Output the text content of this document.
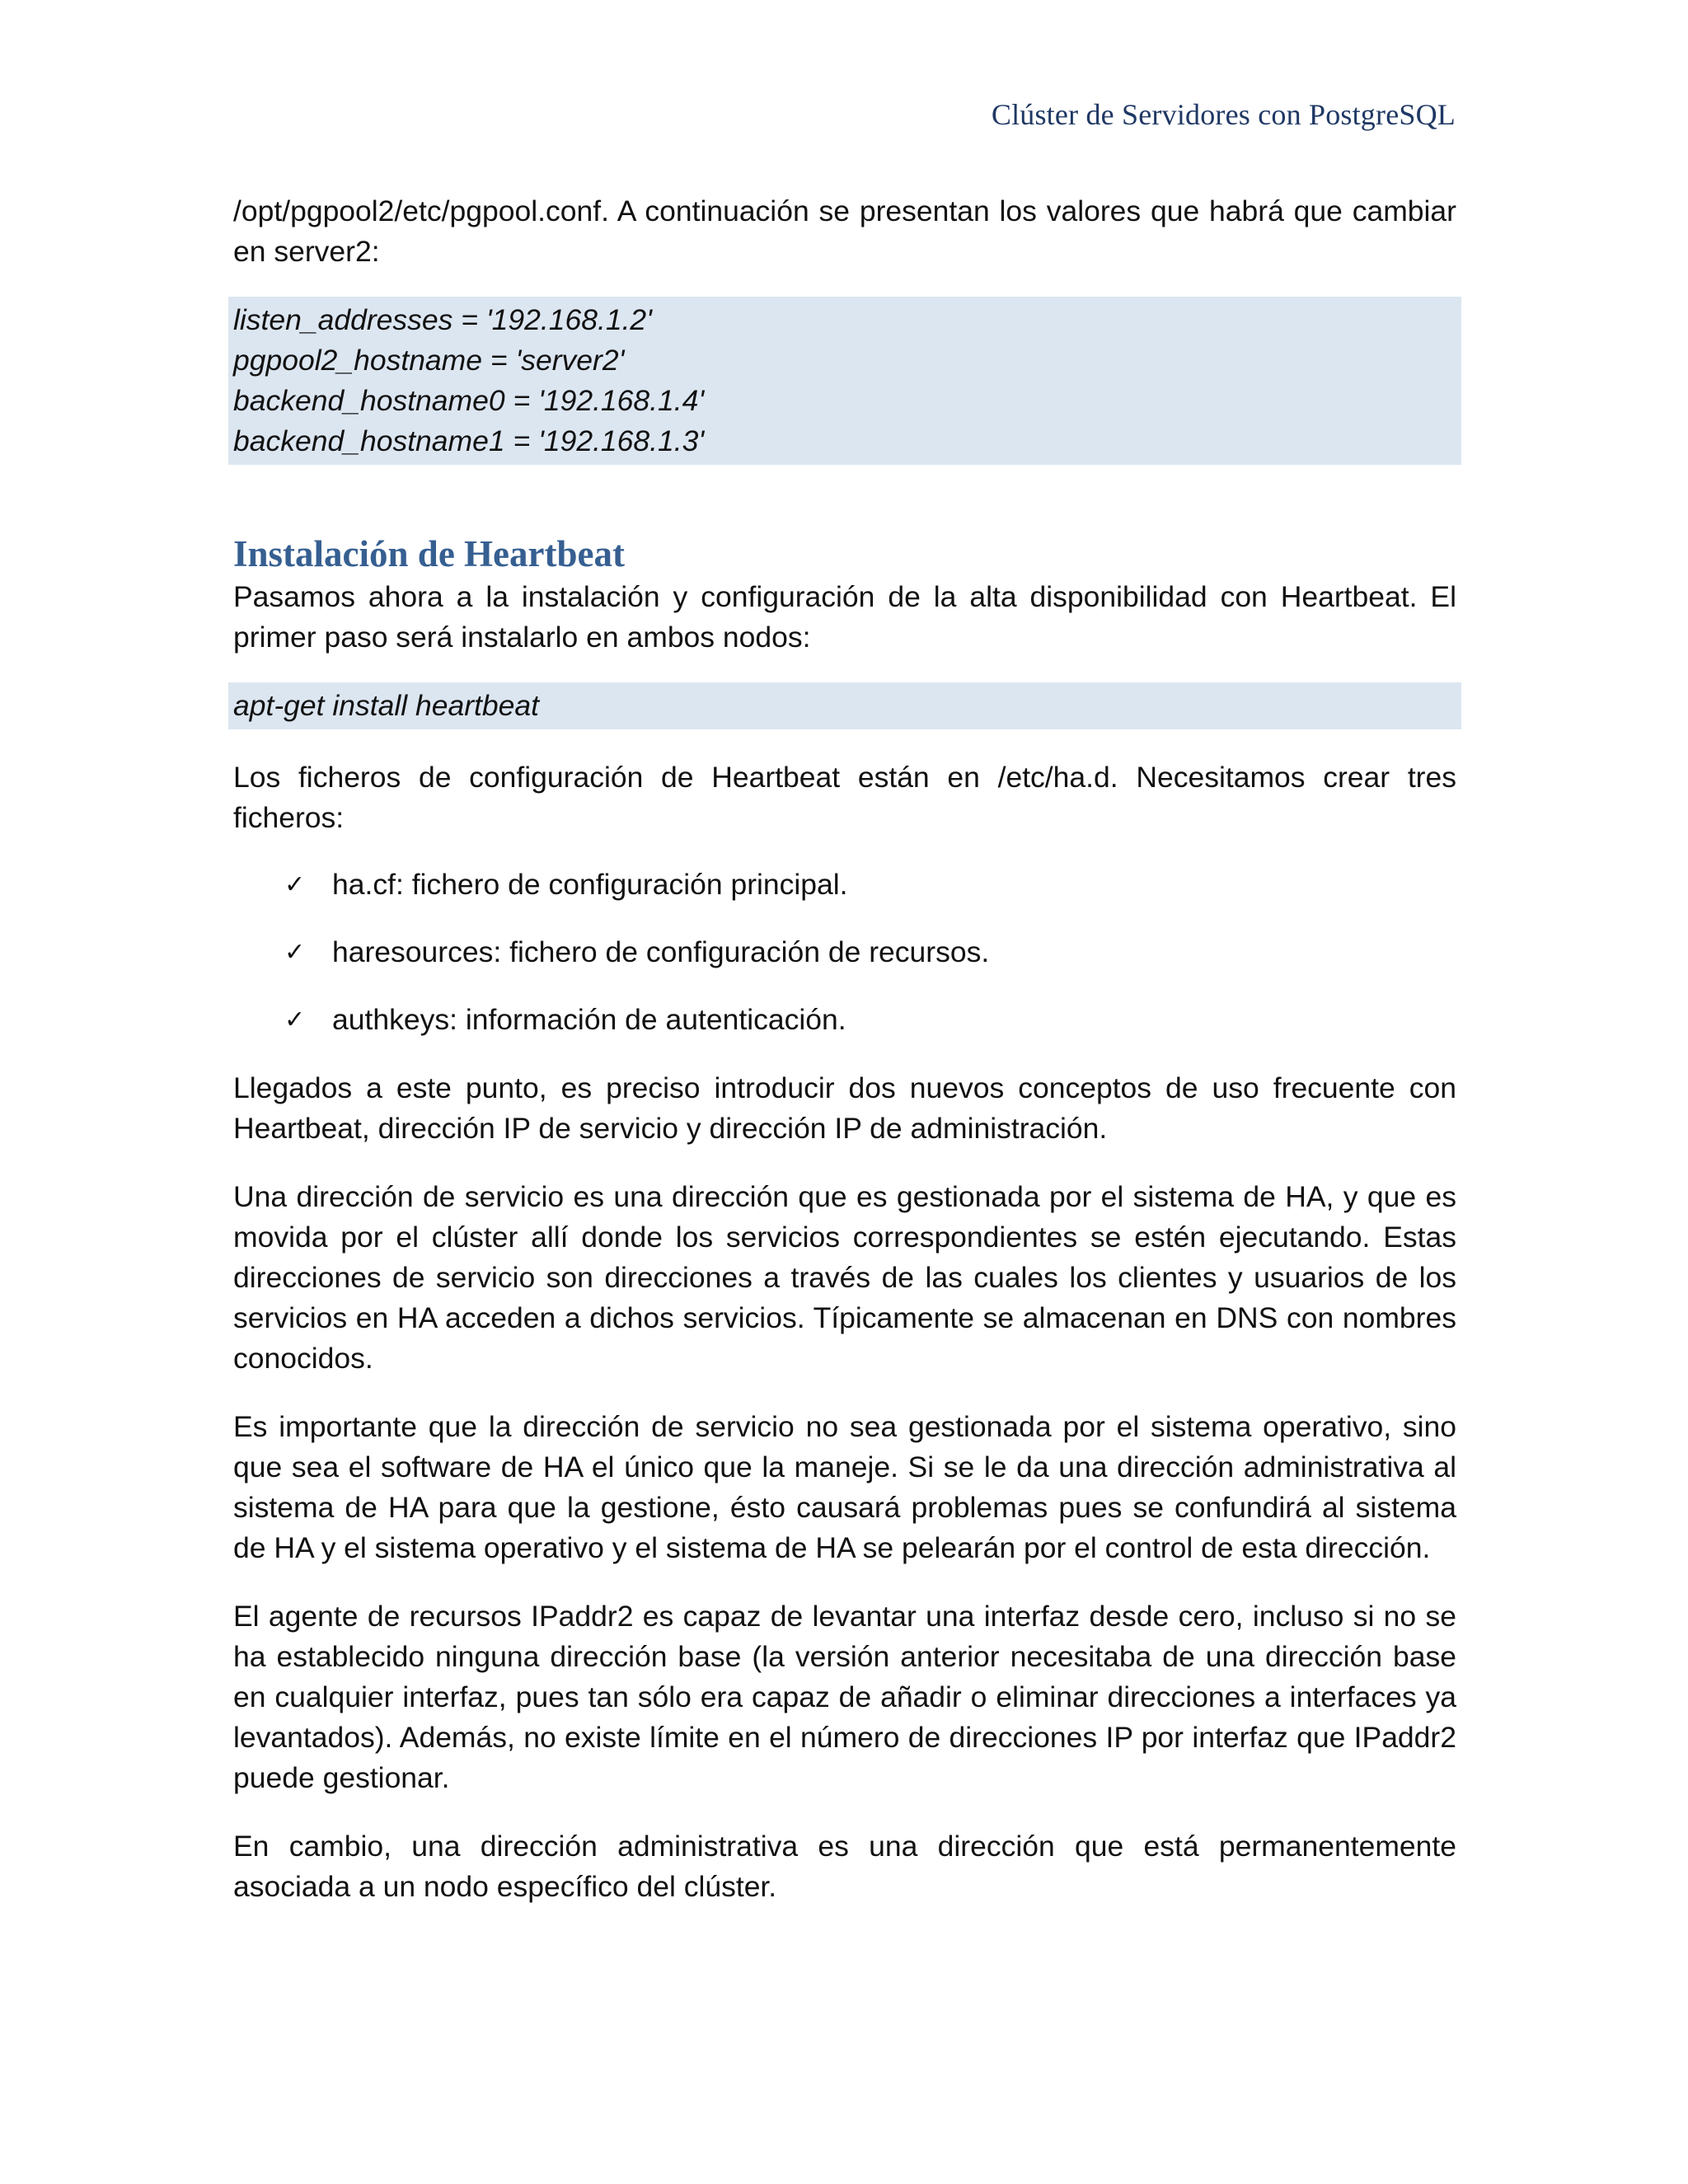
Clúster de Servidores con PostgreSQL

/opt/pgpool2/etc/pgpool.conf. A continuación se presentan los valores que habrá que cambiar en server2:

listen_addresses = '192.168.1.2'
pgpool2_hostname = 'server2'
backend_hostname0 = '192.168.1.4'
backend_hostname1 = '192.168.1.3'
Instalación de Heartbeat

Pasamos ahora a la instalación y configuración de la alta disponibilidad con Heartbeat. El primer paso será instalarlo en ambos nodos:

apt-get install heartbeat

Los ficheros de configuración de Heartbeat están en /etc/ha.d. Necesitamos crear tres ficheros:

✓ ha.cf: fichero de configuración principal.
✓ haresources: fichero de configuración de recursos.
✓ authkeys: información de autenticación.

Llegados a este punto, es preciso introducir dos nuevos conceptos de uso frecuente con Heartbeat, dirección IP de servicio y dirección IP de administración.

Una dirección de servicio es una dirección que es gestionada por el sistema de HA, y que es movida por el clúster allí donde los servicios correspondientes se estén ejecutando. Estas direcciones de servicio son direcciones a través de las cuales los clientes y usuarios de los servicios en HA acceden a dichos servicios. Típicamente se almacenan en DNS con nombres conocidos.

Es importante que la dirección de servicio no sea gestionada por el sistema operativo, sino que sea el software de HA el único que la maneje. Si se le da una dirección administrativa al sistema de HA para que la gestione, ésto causará problemas pues se confundirá al sistema de HA y el sistema operativo y el sistema de HA se pelearán por el control de esta dirección.

El agente de recursos IPaddr2 es capaz de levantar una interfaz desde cero, incluso si no se ha establecido ninguna dirección base (la versión anterior necesitaba de una dirección base en cualquier interfaz, pues tan sólo era capaz de añadir o eliminar direcciones a interfaces ya levantados). Además, no existe límite en el número de direcciones IP por interfaz que IPaddr2 puede gestionar.

En cambio, una dirección administrativa es una dirección que está permanentemente asociada a un nodo específico del clúster.
